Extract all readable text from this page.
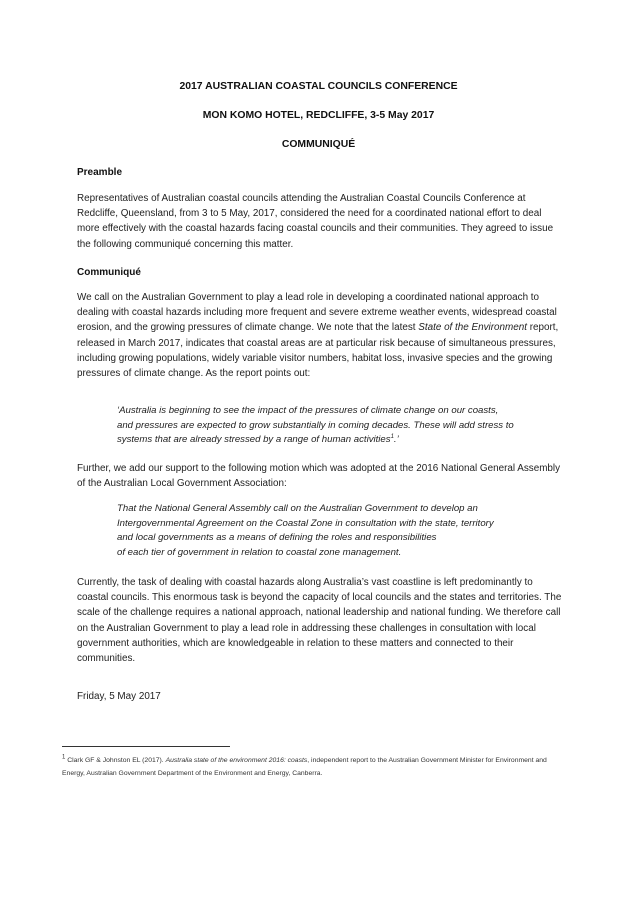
2017 AUSTRALIAN COASTAL COUNCILS CONFERENCE
MON KOMO HOTEL, REDCLIFFE, 3-5 May 2017
COMMUNIQUÉ
Preamble

Representatives of Australian coastal councils attending the Australian Coastal Councils Conference at Redcliffe, Queensland, from 3 to 5 May, 2017, considered the need for a coordinated national effort to deal more effectively with the coastal hazards facing coastal councils and their communities. They agreed to issue the following communiqué concerning this matter.

Communiqué

We call on the Australian Government to play a lead role in developing a coordinated national approach to dealing with coastal hazards including more frequent and severe extreme weather events, widespread coastal erosion, and the growing pressures of climate change. We note that the latest State of the Environment report, released in March 2017, indicates that coastal areas are at particular risk because of simultaneous pressures, including growing populations, widely variable visitor numbers, habitat loss, invasive species and the growing pressures of climate change. As the report points out:

‘Australia is beginning to see the impact of the pressures of climate change on our coasts,
and pressures are expected to grow substantially in coming decades. These will add stress to
systems that are already stressed by a range of human activities$^1$.’

Further, we add our support to the following motion which was adopted at the 2016 National General Assembly of the Australian Local Government Association:

That the National General Assembly call on the Australian Government to develop an
Intergovernmental Agreement on the Coastal Zone in consultation with the state, territory
and local governments as a means of defining the roles and responsibilities
of each tier of government in relation to coastal zone management.

Currently, the task of dealing with coastal hazards along Australia’s vast coastline is left predominantly to coastal councils. This enormous task is beyond the capacity of local councils and the states and territories. The scale of the challenge requires a national approach, national leadership and national funding. We therefore call on the Australian Government to play a lead role in addressing these challenges in consultation with local government authorities, which are knowledgeable in relation to these matters and connected to their communities.

Friday, 5 May 2017

$^1$ Clark GF & Johnston EL (2017). Australia state of the environment 2016: coasts, independent report to the Australian Government Minister for Environment and Energy, Australian Government Department of the Environment and Energy, Canberra.
